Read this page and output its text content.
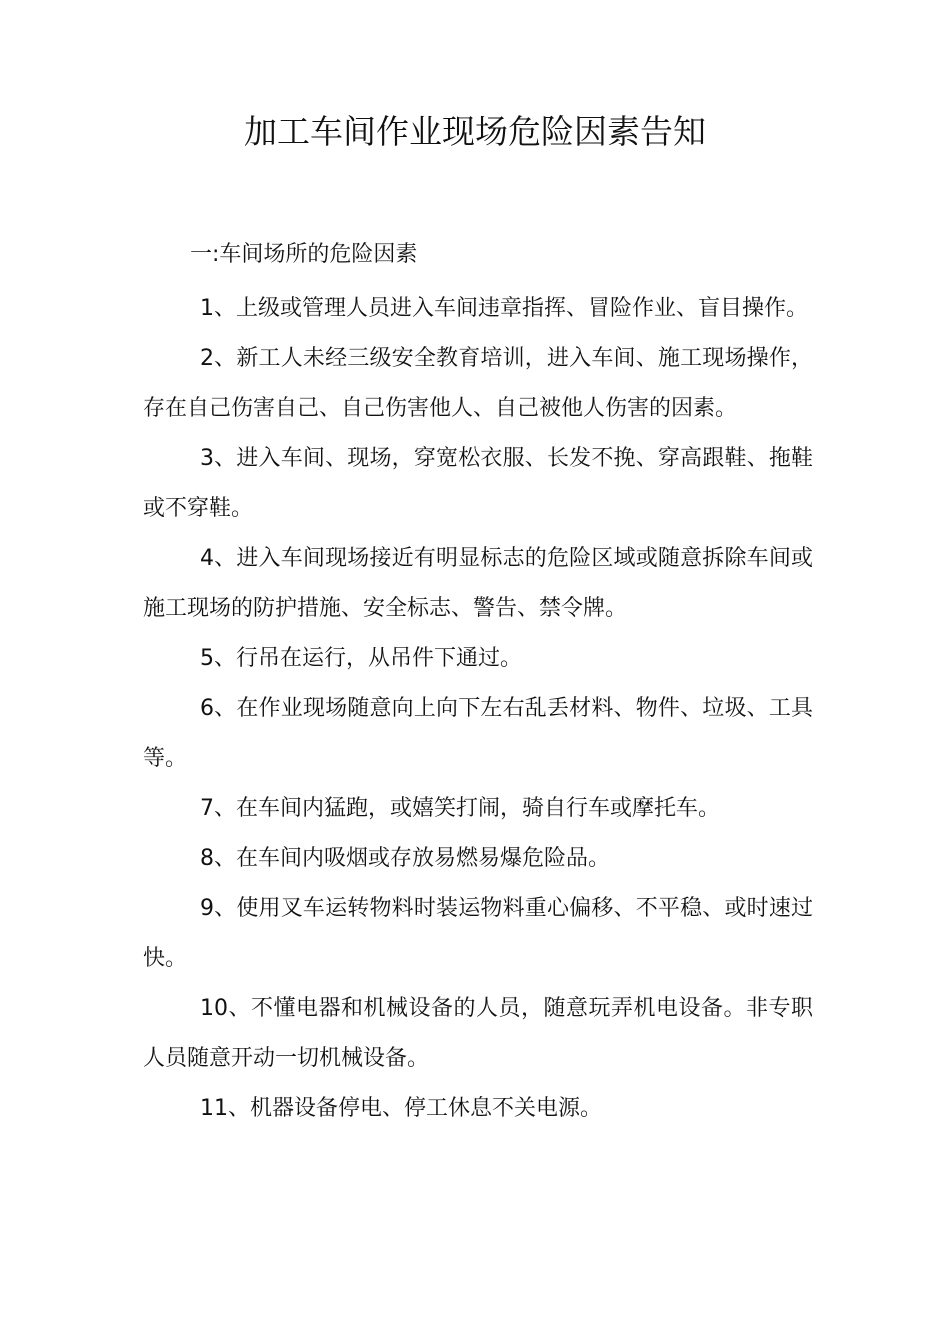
加工车间作业现场危险因素告知

一:车间场所的危险因素

1、上级或管理人员进入车间违章指挥、冒险作业、盲目操作。
2、新工人未经三级安全教育培训，进入车间、施工现场操作，存在自己伤害自己、自己伤害他人、自己被他人伤害的因素。
3、进入车间、现场，穿宽松衣服、长发不挽、穿高跟鞋、拖鞋或不穿鞋。
4、进入车间现场接近有明显标志的危险区域或随意拆除车间或施工现场的防护措施、安全标志、警告、禁令牌。
5、行吊在运行，从吊件下通过。
6、在作业现场随意向上向下左右乱丢材料、物件、垃圾、工具等。
7、在车间内猛跑，或嬉笑打闹，骑自行车或摩托车。
8、在车间内吸烟或存放易燃易爆危险品。
9、使用叉车运转物料时装运物料重心偏移、不平稳、或时速过快。
10、不懂电器和机械设备的人员，随意玩弄机电设备。非专职人员随意开动一切机械设备。
11、机器设备停电、停工休息不关电源。
